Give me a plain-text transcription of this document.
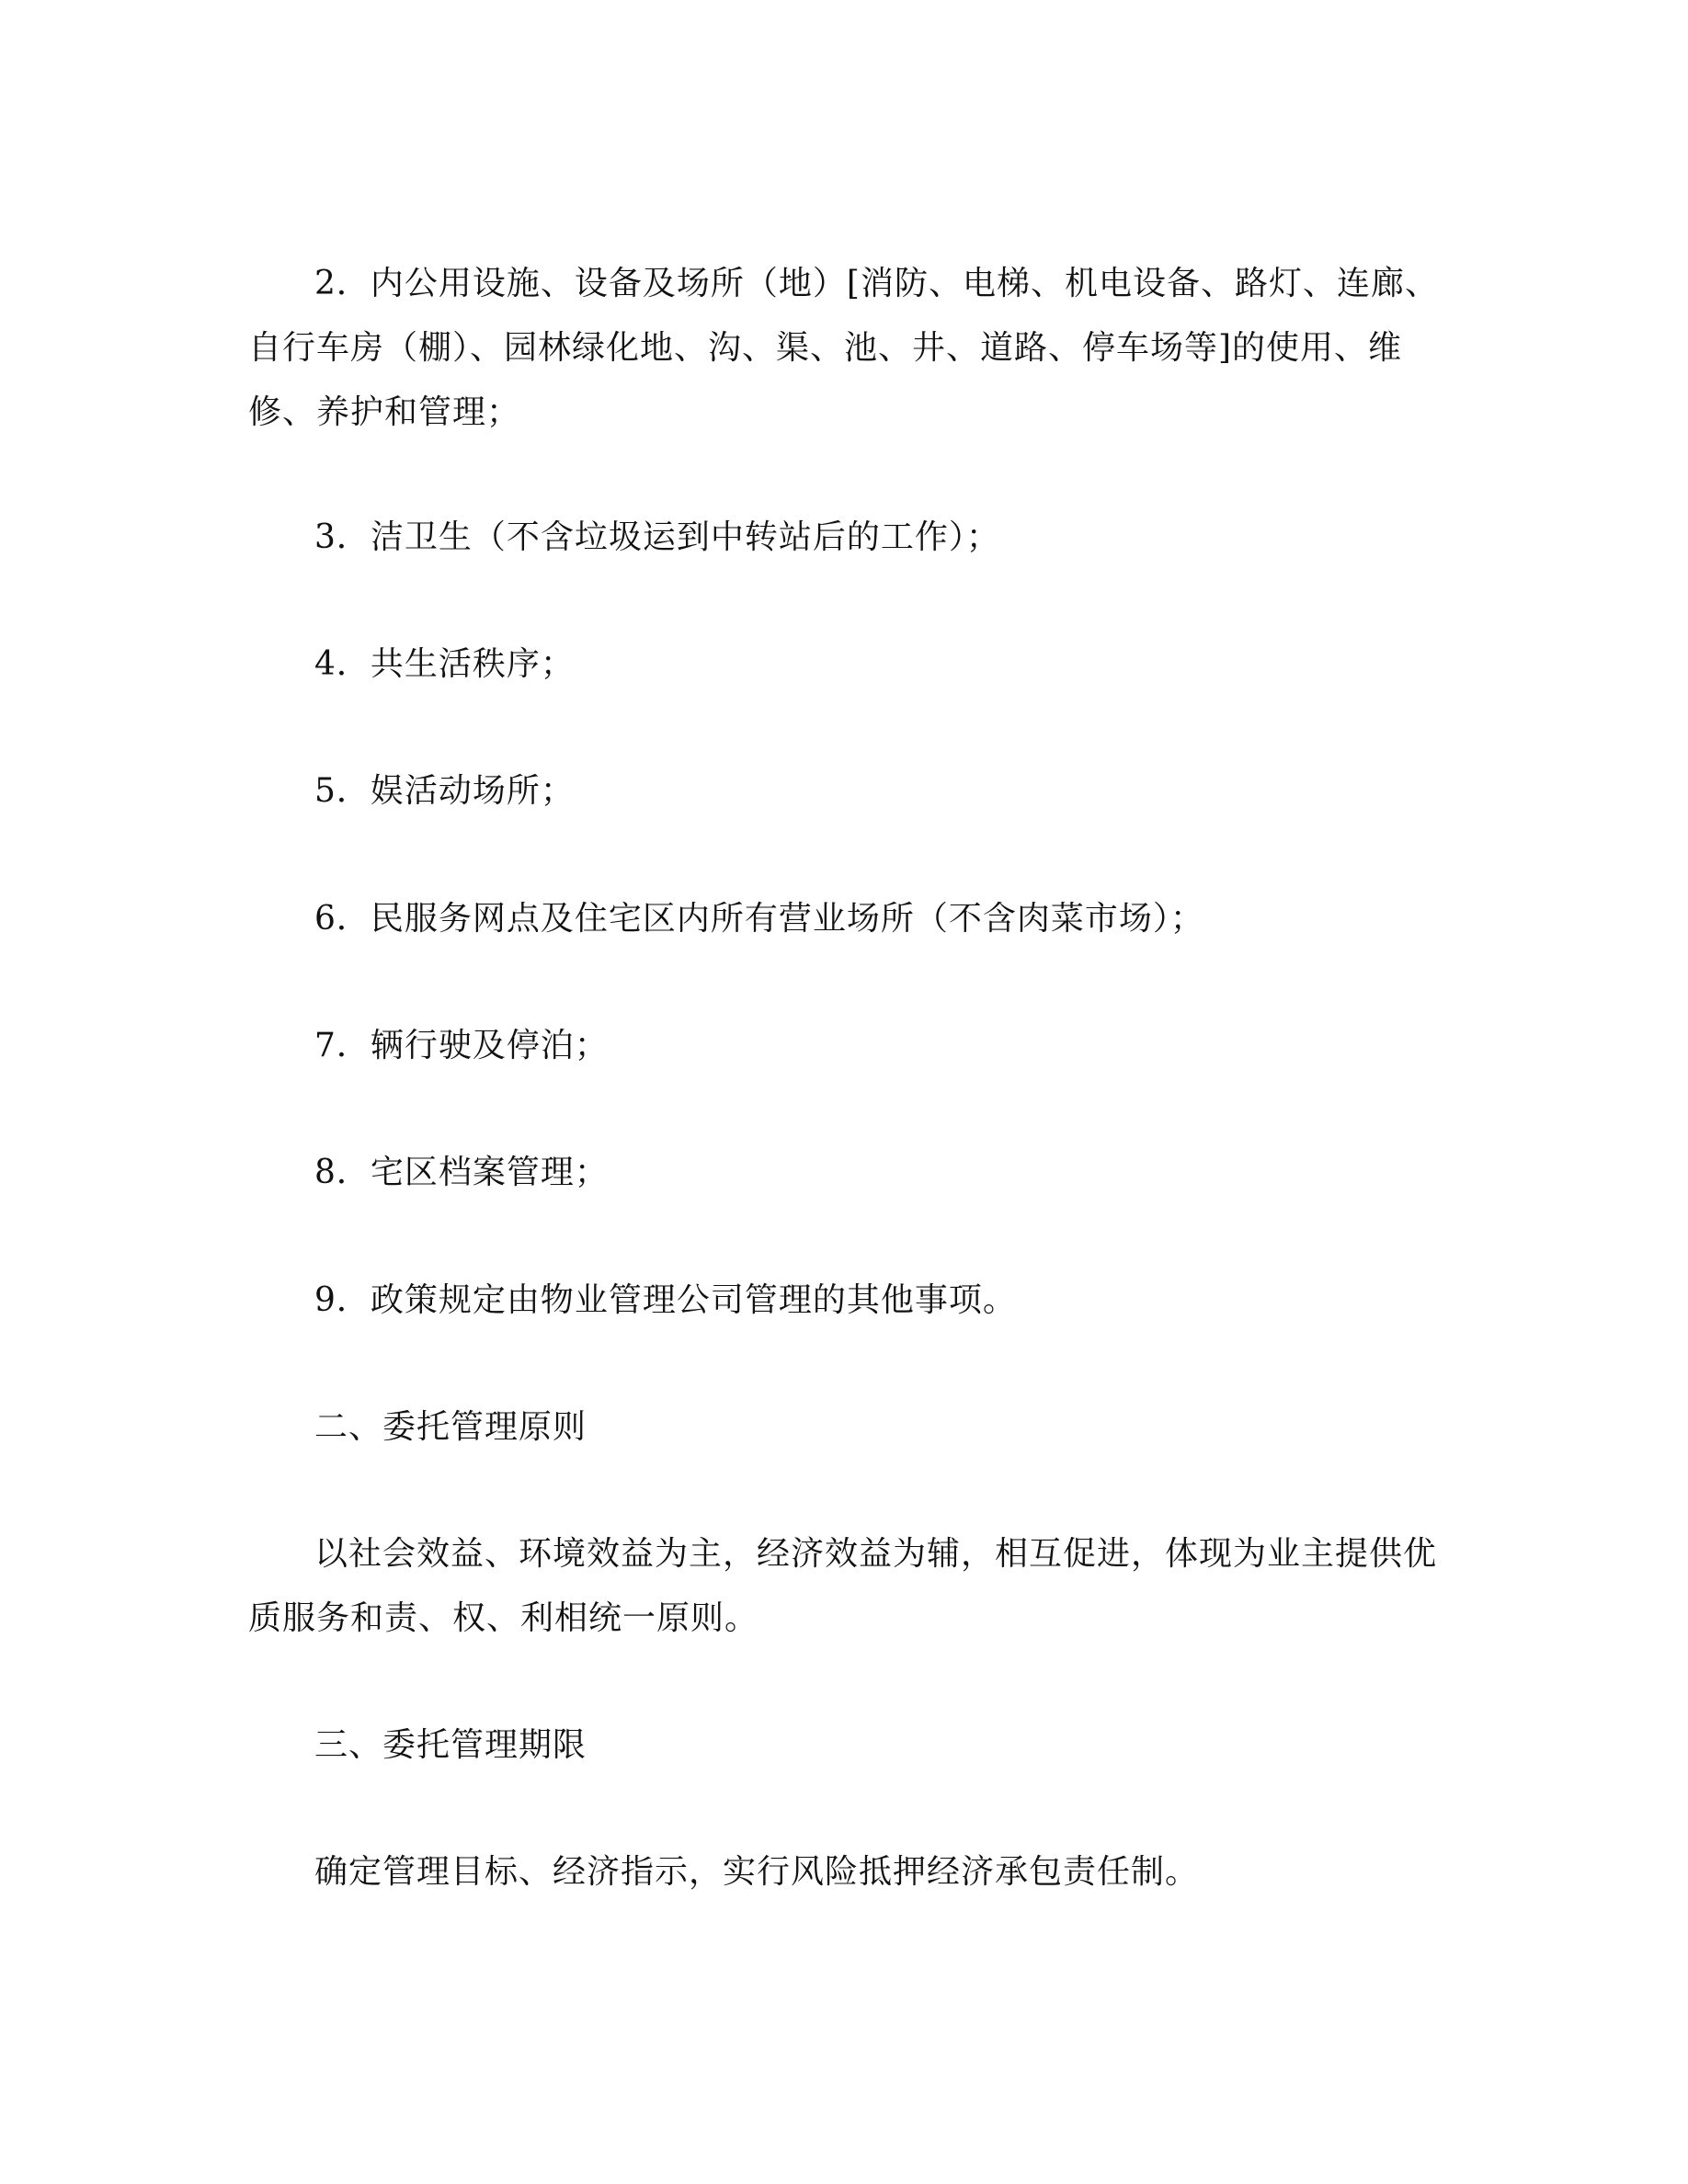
2．内公用设施、设备及场所（地）[消防、电梯、机电设备、路灯、连廊、自行车房（棚）、园林绿化地、沟、渠、池、井、道路、停车场等]的使用、维修、养护和管理；

3．洁卫生（不含垃圾运到中转站后的工作）；

4．共生活秩序；

5．娱活动场所；

6．民服务网点及住宅区内所有营业场所（不含肉菜市场）；

7．辆行驶及停泊；

8．宅区档案管理；

9．政策规定由物业管理公司管理的其他事项。

二、委托管理原则

以社会效益、环境效益为主，经济效益为辅，相互促进，体现为业主提供优质服务和责、权、利相统一原则。

三、委托管理期限

确定管理目标、经济指示，实行风险抵押经济承包责任制。
